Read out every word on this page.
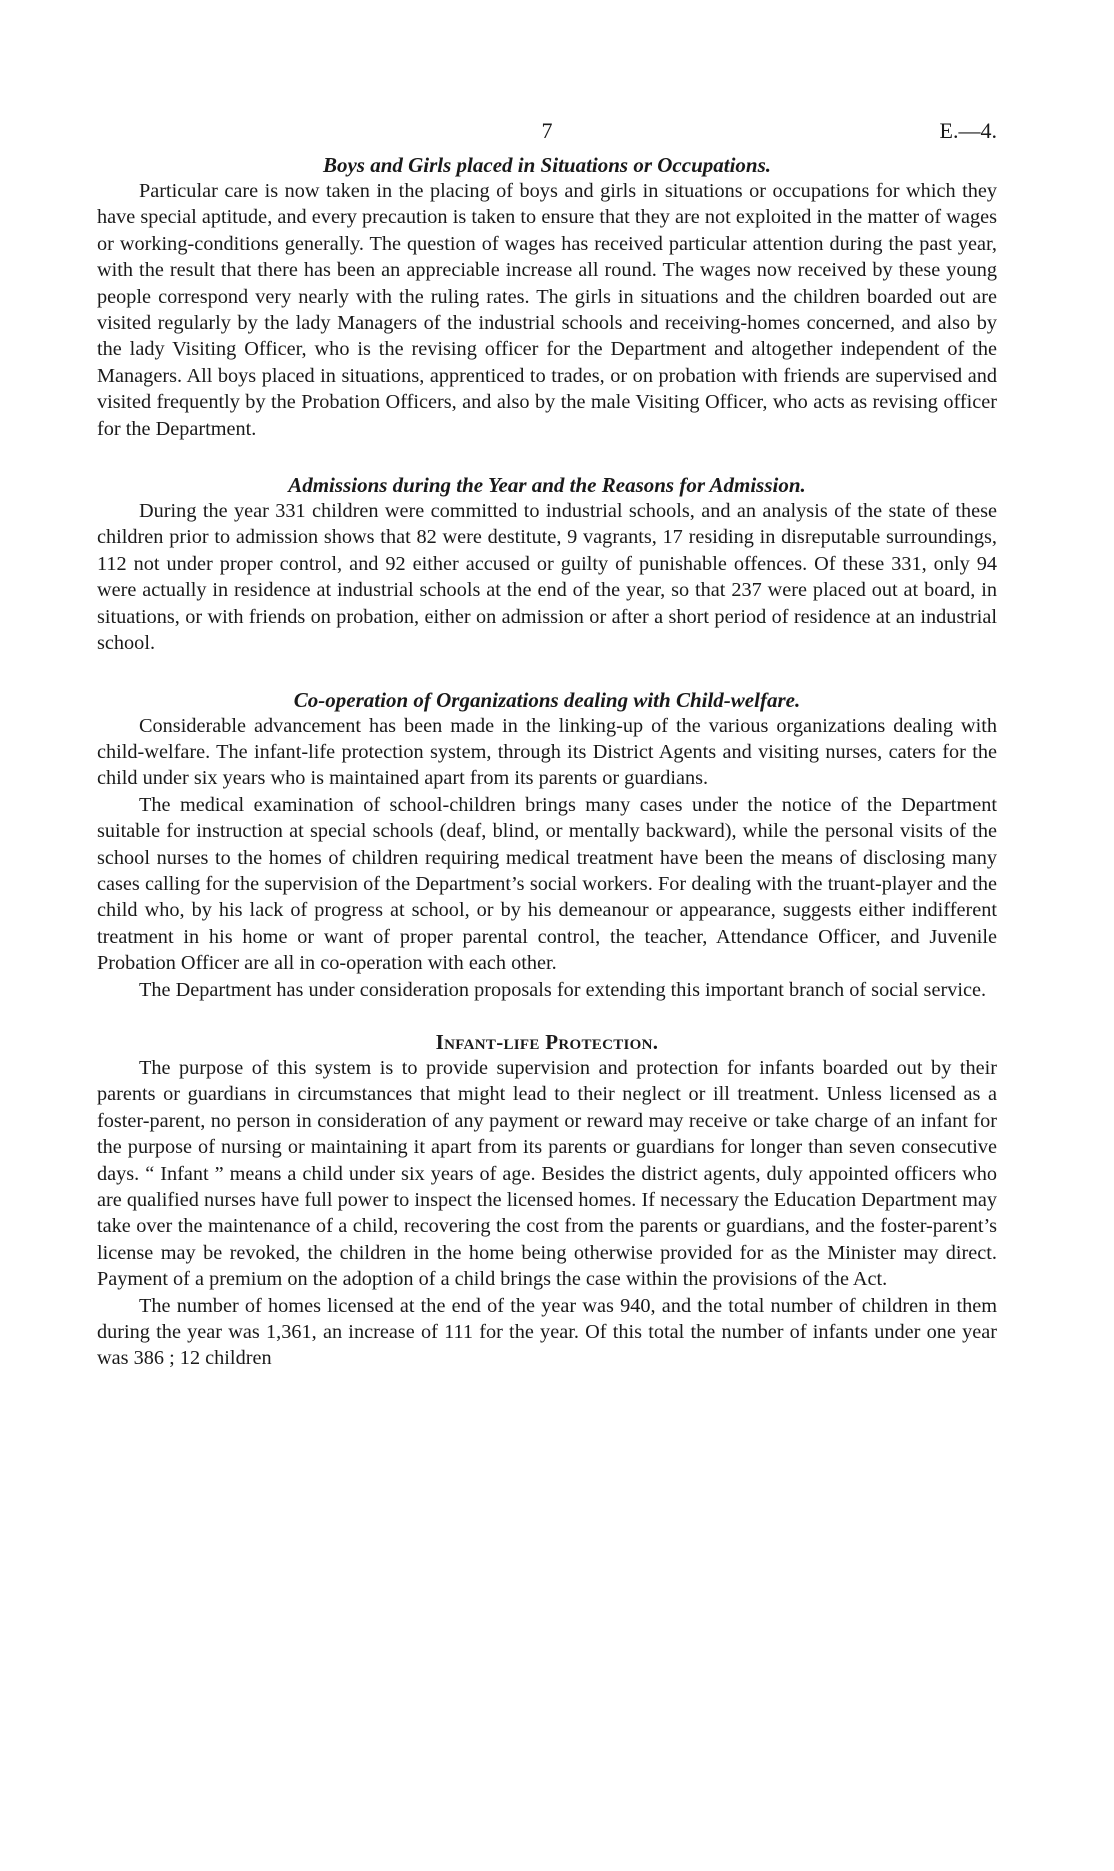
7	E.—4.
Boys and Girls placed in Situations or Occupations.

Particular care is now taken in the placing of boys and girls in situations or occupations for which they have special aptitude, and every precaution is taken to ensure that they are not exploited in the matter of wages or working-conditions generally. The question of wages has received particular attention during the past year, with the result that there has been an appreciable increase all round. The wages now received by these young people correspond very nearly with the ruling rates. The girls in situations and the children boarded out are visited regularly by the lady Managers of the industrial schools and receiving-homes concerned, and also by the lady Visiting Officer, who is the revising officer for the Department and altogether independent of the Managers. All boys placed in situations, apprenticed to trades, or on probation with friends are supervised and visited frequently by the Probation Officers, and also by the male Visiting Officer, who acts as revising officer for the Department.

Admissions during the Year and the Reasons for Admission.

During the year 331 children were committed to industrial schools, and an analysis of the state of these children prior to admission shows that 82 were destitute, 9 vagrants, 17 residing in disreputable surroundings, 112 not under proper control, and 92 either accused or guilty of punishable offences. Of these 331, only 94 were actually in residence at industrial schools at the end of the year, so that 237 were placed out at board, in situations, or with friends on probation, either on admission or after a short period of residence at an industrial school.

Co-operation of Organizations dealing with Child-welfare.

Considerable advancement has been made in the linking-up of the various organizations dealing with child-welfare. The infant-life protection system, through its District Agents and visiting nurses, caters for the child under six years who is maintained apart from its parents or guardians.

The medical examination of school-children brings many cases under the notice of the Department suitable for instruction at special schools (deaf, blind, or mentally backward), while the personal visits of the school nurses to the homes of children requiring medical treatment have been the means of disclosing many cases calling for the supervision of the Department’s social workers. For dealing with the truant-player and the child who, by his lack of progress at school, or by his demeanour or appearance, suggests either indifferent treatment in his home or want of proper parental control, the teacher, Attendance Officer, and Juvenile Probation Officer are all in co-operation with each other.

The Department has under consideration proposals for extending this important branch of social service.

Infant-life Protection.

The purpose of this system is to provide supervision and protection for infants boarded out by their parents or guardians in circumstances that might lead to their neglect or ill treatment. Unless licensed as a foster-parent, no person in consideration of any payment or reward may receive or take charge of an infant for the purpose of nursing or maintaining it apart from its parents or guardians for longer than seven consecutive days. “ Infant ” means a child under six years of age. Besides the district agents, duly appointed officers who are qualified nurses have full power to inspect the licensed homes. If necessary the Education Department may take over the maintenance of a child, recovering the cost from the parents or guardians, and the foster-parent’s license may be revoked, the children in the home being otherwise provided for as the Minister may direct. Payment of a premium on the adoption of a child brings the case within the provisions of the Act.

The number of homes licensed at the end of the year was 940, and the total number of children in them during the year was 1,361, an increase of 111 for the year. Of this total the number of infants under one year was 386 ; 12 children
